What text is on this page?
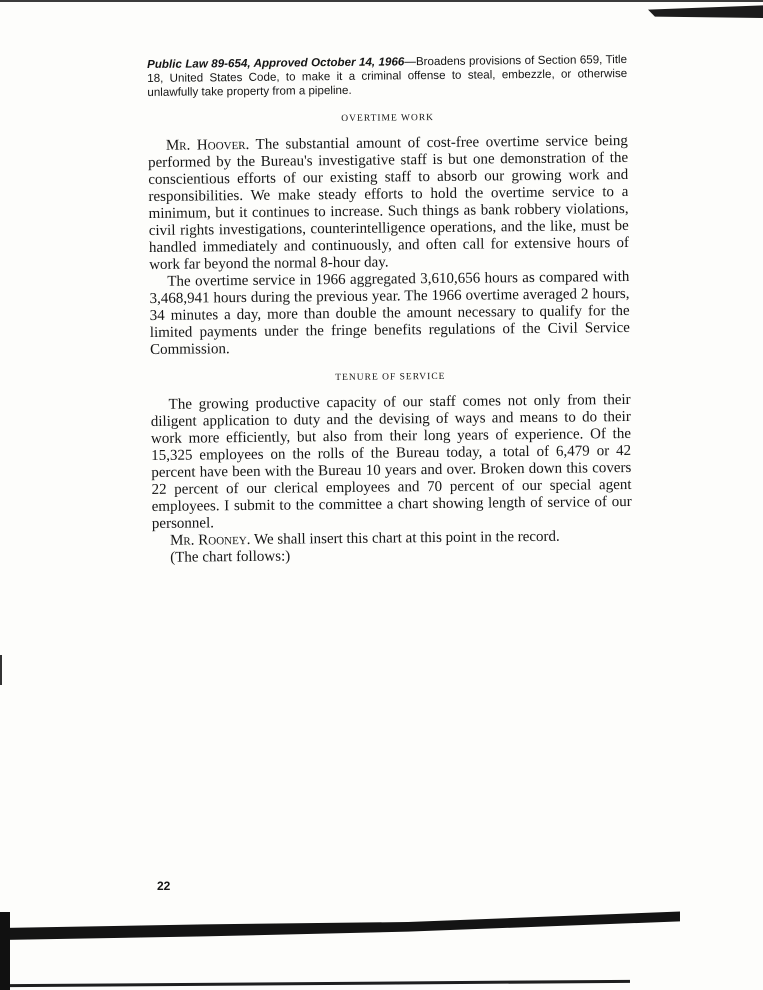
Public Law 89-654, Approved October 14, 1966—Broadens provisions of Section 659, Title 18, United States Code, to make it a criminal offense to steal, embezzle, or otherwise unlawfully take property from a pipeline.

OVERTIME WORK

Mr. Hoover. The substantial amount of cost-free overtime service being performed by the Bureau's investigative staff is but one demonstration of the conscientious efforts of our existing staff to absorb our growing work and responsibilities. We make steady efforts to hold the overtime service to a minimum, but it continues to increase. Such things as bank robbery violations, civil rights investigations, counterintelligence operations, and the like, must be handled immediately and continuously, and often call for extensive hours of work far beyond the normal 8-hour day.

The overtime service in 1966 aggregated 3,610,656 hours as compared with 3,468,941 hours during the previous year. The 1966 overtime averaged 2 hours, 34 minutes a day, more than double the amount necessary to qualify for the limited payments under the fringe benefits regulations of the Civil Service Commission.

TENURE OF SERVICE

The growing productive capacity of our staff comes not only from their diligent application to duty and the devising of ways and means to do their work more efficiently, but also from their long years of experience. Of the 15,325 employees on the rolls of the Bureau today, a total of 6,479 or 42 percent have been with the Bureau 10 years and over. Broken down this covers 22 percent of our clerical employees and 70 percent of our special agent employees. I submit to the committee a chart showing length of service of our personnel.

Mr. Rooney. We shall insert this chart at this point in the record.

(The chart follows:)

22
